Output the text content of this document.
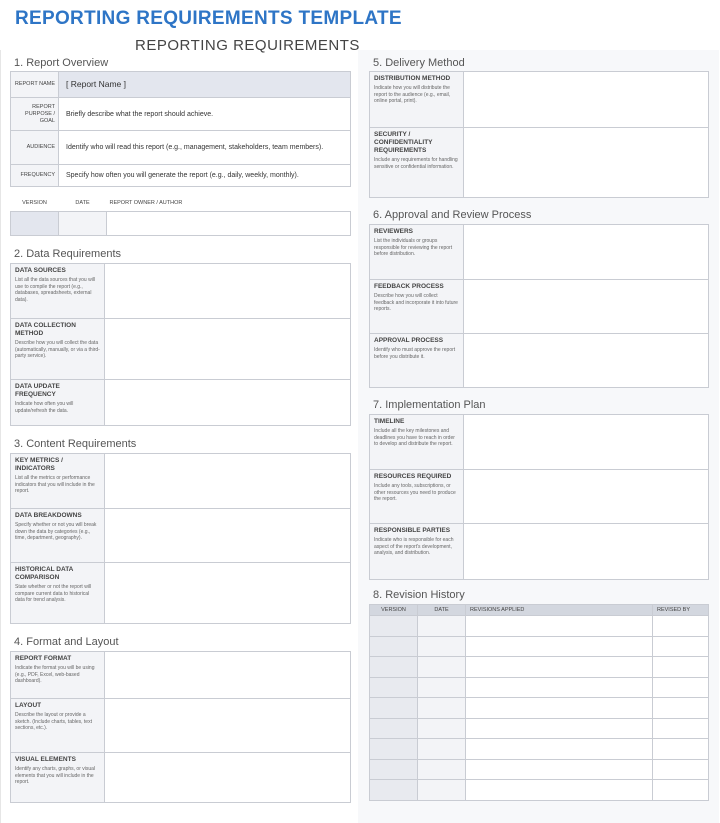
REPORTING REQUIREMENTS TEMPLATE
REPORTING REQUIREMENTS
1. Report Overview
REPORT NAME	[ Report Name ]
REPORT PURPOSE / GOAL	Briefly describe what the report should achieve.
AUDIENCE	Identify who will read this report (e.g., management, stakeholders, team members).
FREQUENCY	Specify how often you will generate the report (e.g., daily, weekly, monthly).
VERSION	DATE	REPORT OWNER / AUTHOR

2. Data Requirements
DATA SOURCES
List all the data sources that you will use to compile the report (e.g., databases, spreadsheets, external data).	

DATA COLLECTION METHOD
Describe how you will collect the data (automatically, manually, or via a third-party service).	

DATA UPDATE FREQUENCY
Indicate how often you will update/refresh the data.	

3. Content Requirements
KEY METRICS / INDICATORS
List all the metrics or performance indicators that you will include in the report.	

DATA BREAKDOWNS
Specify whether or not you will break down the data by categories (e.g., time, department, geography).	

HISTORICAL DATA COMPARISON
State whether or not the report will compare current data to historical data for trend analysis.	

4. Format and Layout
REPORT FORMAT
Indicate the format you will be using (e.g., PDF, Excel, web-based dashboard).	

LAYOUT
Describe the layout or provide a sketch. (Include charts, tables, text sections, etc.).	

VISUAL ELEMENTS
Identify any charts, graphs, or visual elements that you will include in the report.	

5. Delivery Method
DISTRIBUTION METHOD
Indicate how you will distribute the report to the audience (e.g., email, online portal, print).	

SECURITY / CONFIDENTIALITY REQUIREMENTS
Include any requirements for handling sensitive or confidential information.	

6. Approval and Review Process
REVIEWERS
List the individuals or groups responsible for reviewing the report before distribution.	

FEEDBACK PROCESS
Describe how you will collect feedback and incorporate it into future reports.	

APPROVAL PROCESS
Identify who must approve the report before you distribute it.	

7. Implementation Plan
TIMELINE
Include all the key milestones and deadlines you have to reach in order to develop and distribute the report.	

RESOURCES REQUIRED
Include any tools, subscriptions, or other resources you need to produce the report.	

RESPONSIBLE PARTIES
Indicate who is responsible for each aspect of the report's development, analysis, and distribution.	

8. Revision History
VERSION	DATE	REVISIONS APPLIED	REVISED BY
